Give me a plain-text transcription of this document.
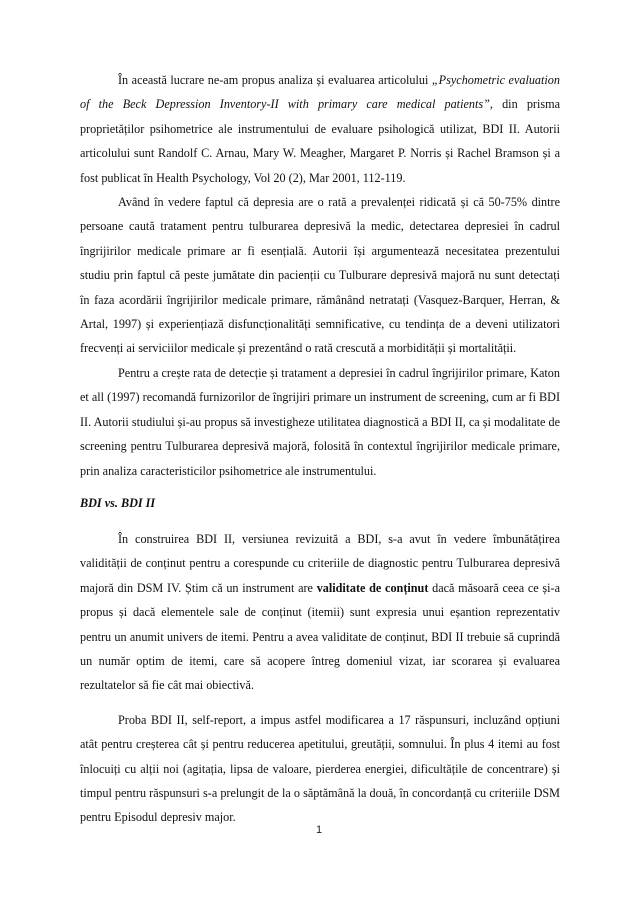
În această lucrare ne-am propus analiza și evaluarea articolului „Psychometric evaluation of the Beck Depression Inventory-II with primary care medical patients”, din prisma proprietăților psihometrice ale instrumentului de evaluare psihologică utilizat, BDI II. Autorii articolului sunt Randolf C. Arnau, Mary W. Meagher, Margaret P. Norris și Rachel Bramson și a fost publicat în Health Psychology, Vol 20 (2), Mar 2001, 112-119.

Având în vedere faptul că depresia are o rată a prevalenței ridicată și că 50-75% dintre persoane caută tratament pentru tulburarea depresivă la medic, detectarea depresiei în cadrul îngrijirilor medicale primare ar fi esențială. Autorii își argumentează necesitatea prezentului studiu prin faptul că peste jumătate din pacienții cu Tulburare depresivă majoră nu sunt detectați în faza acordării îngrijirilor medicale primare, rămânând netratați (Vasquez-Barquer, Herran, & Artal, 1997) și experiențiază disfuncționalități semnificative, cu tendința de a deveni utilizatori frecvenți ai serviciilor medicale și prezentând o rată crescută a morbidității și mortalității.

Pentru a crește rata de detecție și tratament a depresiei în cadrul îngrijirilor primare, Katon et all (1997) recomandă furnizorilor de îngrijiri primare un instrument de screening, cum ar fi BDI II. Autorii studiului și-au propus să investigheze utilitatea diagnostică a BDI II, ca și modalitate de screening pentru Tulburarea depresivă majoră, folosită în contextul îngrijirilor medicale primare, prin analiza caracteristicilor psihometrice ale instrumentului.

BDI vs. BDI II

În construirea BDI II, versiunea revizuită a BDI, s-a avut în vedere îmbunătățirea validității de conținut pentru a corespunde cu criteriile de diagnostic pentru Tulburarea depresivă majoră din DSM IV. Știm că un instrument are validitate de conținut dacă măsoară ceea ce și-a propus și dacă elementele sale de conținut (itemii) sunt expresia unui eșantion reprezentativ pentru un anumit univers de itemi. Pentru a avea validitate de conținut, BDI II trebuie să cuprindă un număr optim de itemi, care să acopere întreg domeniul vizat, iar scorarea și evaluarea rezultatelor să fie cât mai obiectivă.

Proba BDI II, self-report, a impus astfel modificarea a 17 răspunsuri, incluzând opțiuni atât pentru creșterea cât și pentru reducerea apetitului, greutății, somnului. În plus 4 itemi au fost înlocuiți cu alții noi (agitația, lipsa de valoare, pierderea energiei, dificultățile de concentrare) și timpul pentru răspunsuri s-a prelungit de la o săptămână la două, în concordanță cu criteriile DSM pentru Episodul depresiv major.

1
